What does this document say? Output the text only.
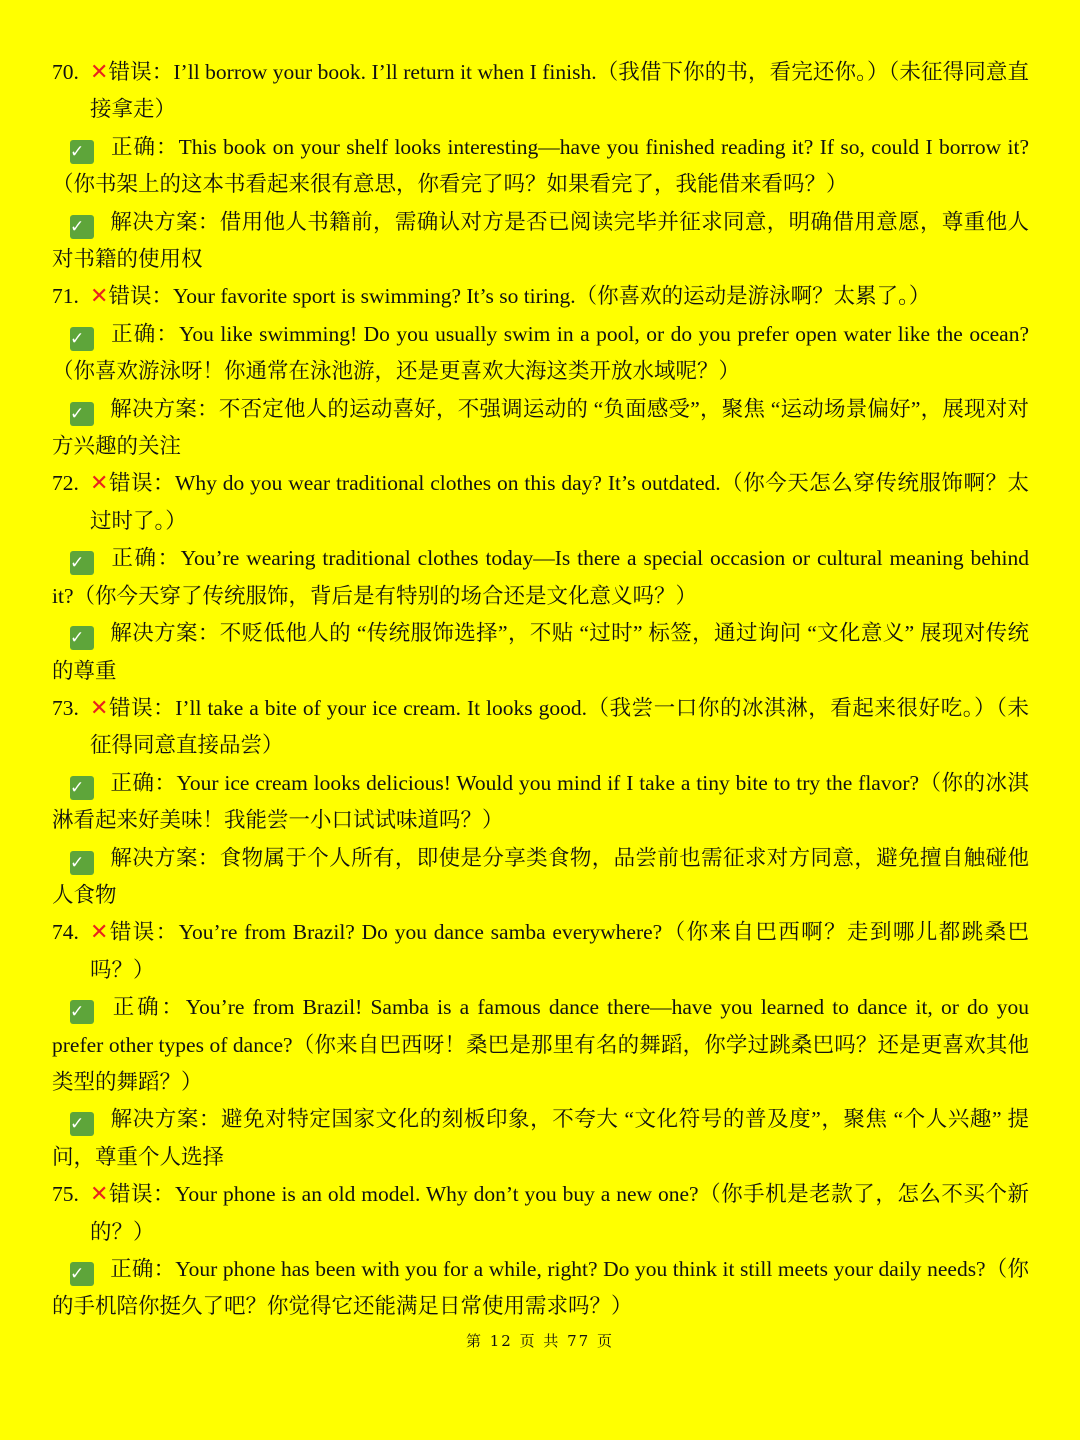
70. ✕错误：I’ll borrow your book. I’ll return it when I finish.（我借下你的书，看完还你。）（未征得同意直接拿走）
✓ 正确：This book on your shelf looks interesting—have you finished reading it? If so, could I borrow it?（你书架上的这本书看起来很有意思，你看完了吗？如果看完了，我能借来看吗？）
✓ 解决方案：借用他人书籍前，需确认对方是否已阅读完毕并征求同意，明确借用意愿，尊重他人对书籍的使用权
71. ✕错误：Your favorite sport is swimming? It’s so tiring.（你喜欢的运动是游泳啊？太累了。）
✓ 正确：You like swimming! Do you usually swim in a pool, or do you prefer open water like the ocean?（你喜欢游泳呀！你通常在泳池游，还是更喜欢大海这类开放水域呢？）
✓ 解决方案：不否定他人的运动喜好，不强调运动的 “负面感受”，聚焦 “运动场景偏好”，展现对对方兴趣的关注
72. ✕错误：Why do you wear traditional clothes on this day? It’s outdated.（你今天怎么穿传统服饰啊？太过时了。）
✓ 正确：You’re wearing traditional clothes today—Is there a special occasion or cultural meaning behind it?（你今天穿了传统服饰，背后是有特别的场合还是文化意义吗？）
✓ 解决方案：不贬低他人的 “传统服饰选择”，不贴 “过时” 标签，通过询问 “文化意义” 展现对传统的尊重
73. ✕错误：I’ll take a bite of your ice cream. It looks good.（我尝一口你的冰淇淋，看起来很好吃。）（未征得同意直接品尝）
✓ 正确：Your ice cream looks delicious! Would you mind if I take a tiny bite to try the flavor?（你的冰淇淋看起来好美味！我能尝一小口试试味道吗？）
✓ 解决方案：食物属于个人所有，即使是分享类食物，品尝前也需征求对方同意，避免擅自触碰他人食物
74. ✕错误：You’re from Brazil? Do you dance samba everywhere?（你来自巴西啊？走到哪儿都跳桑巴吗？）
✓ 正确：You’re from Brazil! Samba is a famous dance there—have you learned to dance it, or do you prefer other types of dance?（你来自巴西呀！桑巴是那里有名的舞蹈，你学过跳桑巴吗？还是更喜欢其他类型的舞蹈？）
✓ 解决方案：避免对特定国家文化的刻板印象，不夸大 “文化符号的普及度”，聚焦 “个人兴趣” 提问，尊重个人选择
75. ✕错误：Your phone is an old model. Why don’t you buy a new one?（你手机是老款了，怎么不买个新的？）
✓ 正确：Your phone has been with you for a while, right? Do you think it still meets your daily needs?（你的手机陪你挺久了吧？你觉得它还能满足日常使用需求吗？）
第 12 页 共 77 页
